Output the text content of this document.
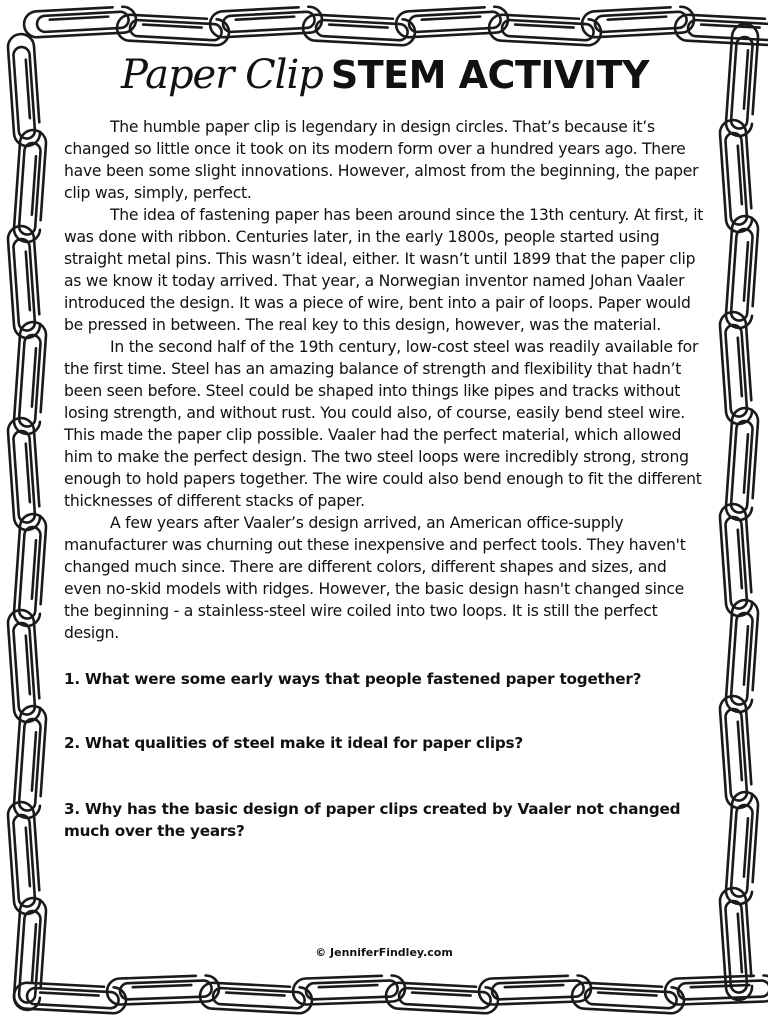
Paper Clip STEM ACTIVITY

The humble paper clip is legendary in design circles. That’s because it’s changed so little once it took on its modern form over a hundred years ago. There have been some slight innovations. However, almost from the beginning, the paper clip was, simply, perfect.

The idea of fastening paper has been around since the 13th century. At first, it was done with ribbon. Centuries later, in the early 1800s, people started using straight metal pins. This wasn’t ideal, either. It wasn’t until 1899 that the paper clip as we know it today arrived. That year, a Norwegian inventor named Johan Vaaler introduced the design. It was a piece of wire, bent into a pair of loops. Paper would be pressed in between. The real key to this design, however, was the material.

In the second half of the 19th century, low-cost steel was readily available for the first time. Steel has an amazing balance of strength and flexibility that hadn’t been seen before. Steel could be shaped into things like pipes and tracks without losing strength, and without rust. You could also, of course, easily bend steel wire. This made the paper clip possible. Vaaler had the perfect material, which allowed him to make the perfect design. The two steel loops were incredibly strong, strong enough to hold papers together. The wire could also bend enough to fit the different thicknesses of different stacks of paper.

A few years after Vaaler’s design arrived, an American office-supply manufacturer was churning out these inexpensive and perfect tools. They haven't changed much since. There are different colors, different shapes and sizes, and even no-skid models with ridges. However, the basic design hasn't changed since the beginning - a stainless-steel wire coiled into two loops. It is still the perfect design.

1. What were some early ways that people fastened paper together?

2. What qualities of steel make it ideal for paper clips?

3. Why has the basic design of paper clips created by Vaaler not changed much over the years?

© JenniferFindley.com
